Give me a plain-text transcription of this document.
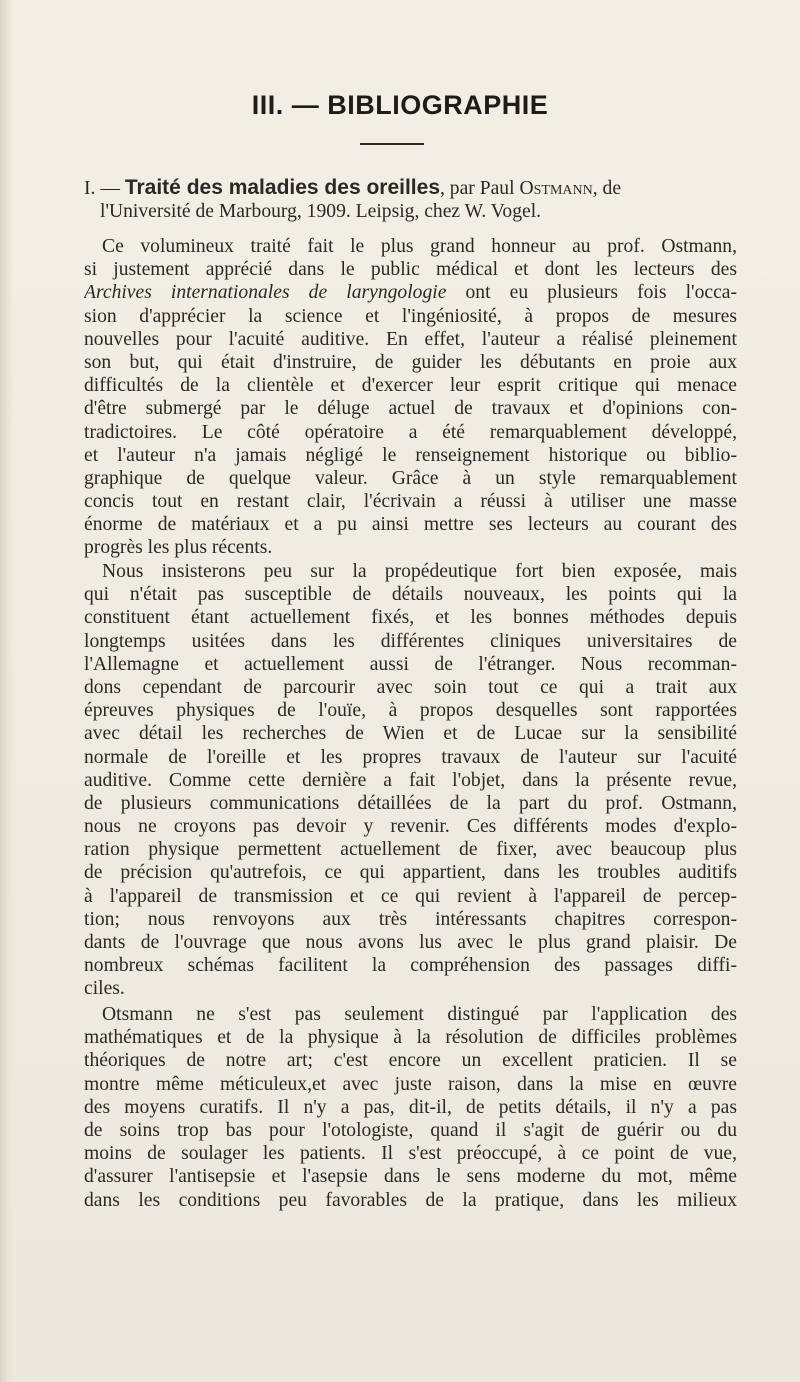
III. — BIBLIOGRAPHIE
I. — Traité des maladies des oreilles, par Paul Ostmann, de
l'Université de Marbourg, 1909. Leipsig, chez W. Vogel.
Ce volumineux traité fait le plus grand honneur au prof. Ostmann,
si justement apprécié dans le public médical et dont les lecteurs des
Archives internationales de laryngologie ont eu plusieurs fois l'occa-
sion d'apprécier la science et l'ingéniosité, à propos de mesures
nouvelles pour l'acuité auditive. En effet, l'auteur a réalisé pleinement
son but, qui était d'instruire, de guider les débutants en proie aux
difficultés de la clientèle et d'exercer leur esprit critique qui menace
d'être submergé par le déluge actuel de travaux et d'opinions con-
tradictoires. Le côté opératoire a été remarquablement développé,
et l'auteur n'a jamais négligé le renseignement historique ou biblio-
graphique de quelque valeur. Grâce à un style remarquablement
concis tout en restant clair, l'écrivain a réussi à utiliser une masse
énorme de matériaux et a pu ainsi mettre ses lecteurs au courant des
progrès les plus récents.
Nous insisterons peu sur la propédeutique fort bien exposée, mais
qui n'était pas susceptible de détails nouveaux, les points qui la
constituent étant actuellement fixés, et les bonnes méthodes depuis
longtemps usitées dans les différentes cliniques universitaires de
l'Allemagne et actuellement aussi de l'étranger. Nous recomman-
dons cependant de parcourir avec soin tout ce qui a trait aux
épreuves physiques de l'ouïe, à propos desquelles sont rapportées
avec détail les recherches de Wien et de Lucae sur la sensibilité
normale de l'oreille et les propres travaux de l'auteur sur l'acuité
auditive. Comme cette dernière a fait l'objet, dans la présente revue,
de plusieurs communications détaillées de la part du prof. Ostmann,
nous ne croyons pas devoir y revenir. Ces différents modes d'explo-
ration physique permettent actuellement de fixer, avec beaucoup plus
de précision qu'autrefois, ce qui appartient, dans les troubles auditifs
à l'appareil de transmission et ce qui revient à l'appareil de percep-
tion; nous renvoyons aux très intéressants chapitres correspon-
dants de l'ouvrage que nous avons lus avec le plus grand plaisir. De
nombreux schémas facilitent la compréhension des passages diffi-
ciles.
Otsmann ne s'est pas seulement distingué par l'application des
mathématiques et de la physique à la résolution de difficiles problèmes
théoriques de notre art; c'est encore un excellent praticien. Il se
montre même méticuleux,et avec juste raison, dans la mise en œuvre
des moyens curatifs. Il n'y a pas, dit-il, de petits détails, il n'y a pas
de soins trop bas pour l'otologiste, quand il s'agit de guérir ou du
moins de soulager les patients. Il s'est préoccupé, à ce point de vue,
d'assurer l'antisepsie et l'asepsie dans le sens moderne du mot, même
dans les conditions peu favorables de la pratique, dans les milieux
